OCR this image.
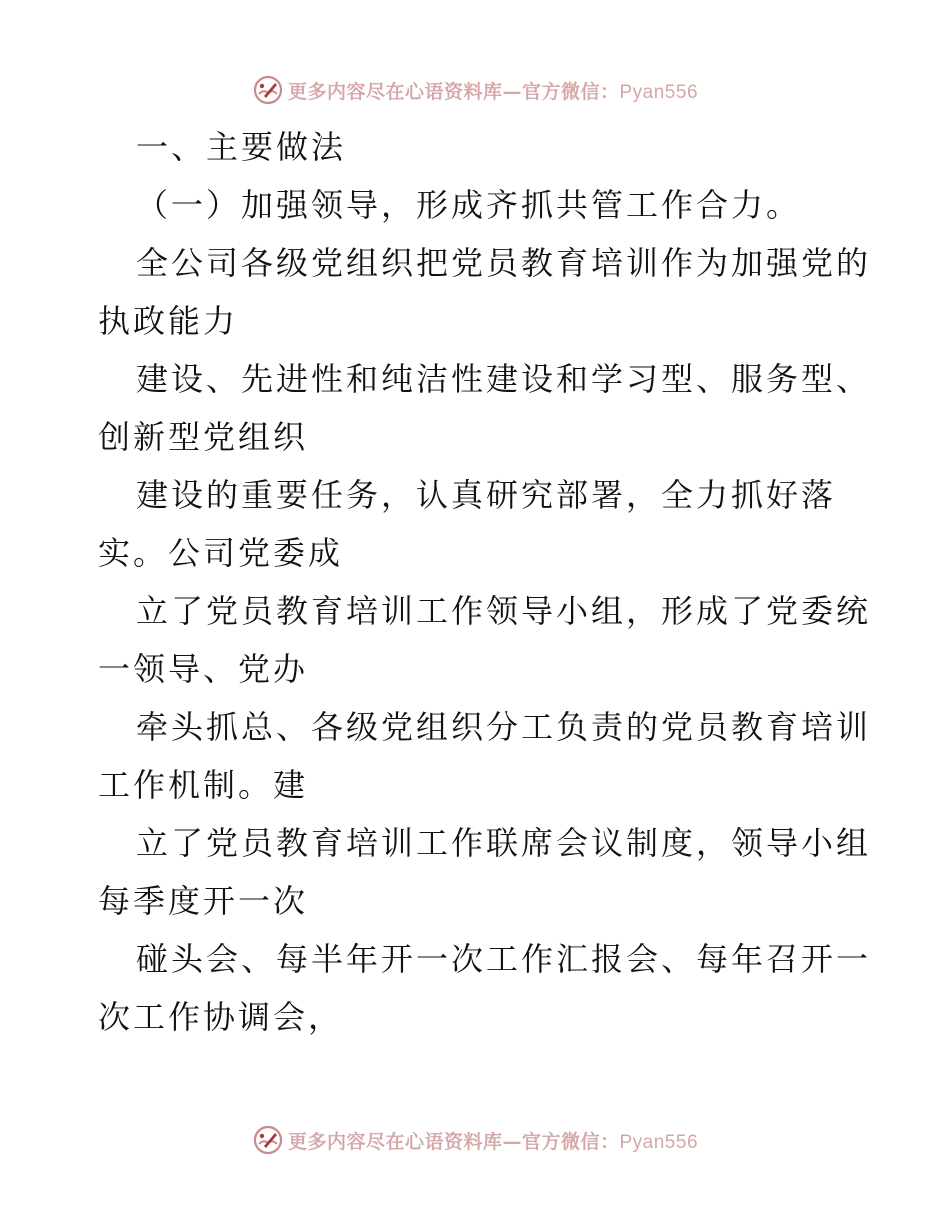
更多内容尽在心语资料库—官方微信：Pyan556
一、主要做法
（一）加强领导，形成齐抓共管工作合力。
全公司各级党组织把党员教育培训作为加强党的
执政能力
建设、先进性和纯洁性建设和学习型、服务型、
创新型党组织
建设的重要任务，认真研究部署，全力抓好落
实。公司党委成
立了党员教育培训工作领导小组，形成了党委统
一领导、党办
牵头抓总、各级党组织分工负责的党员教育培训
工作机制。建
立了党员教育培训工作联席会议制度，领导小组
每季度开一次
碰头会、每半年开一次工作汇报会、每年召开一
次工作协调会，
更多内容尽在心语资料库—官方微信：Pyan556
